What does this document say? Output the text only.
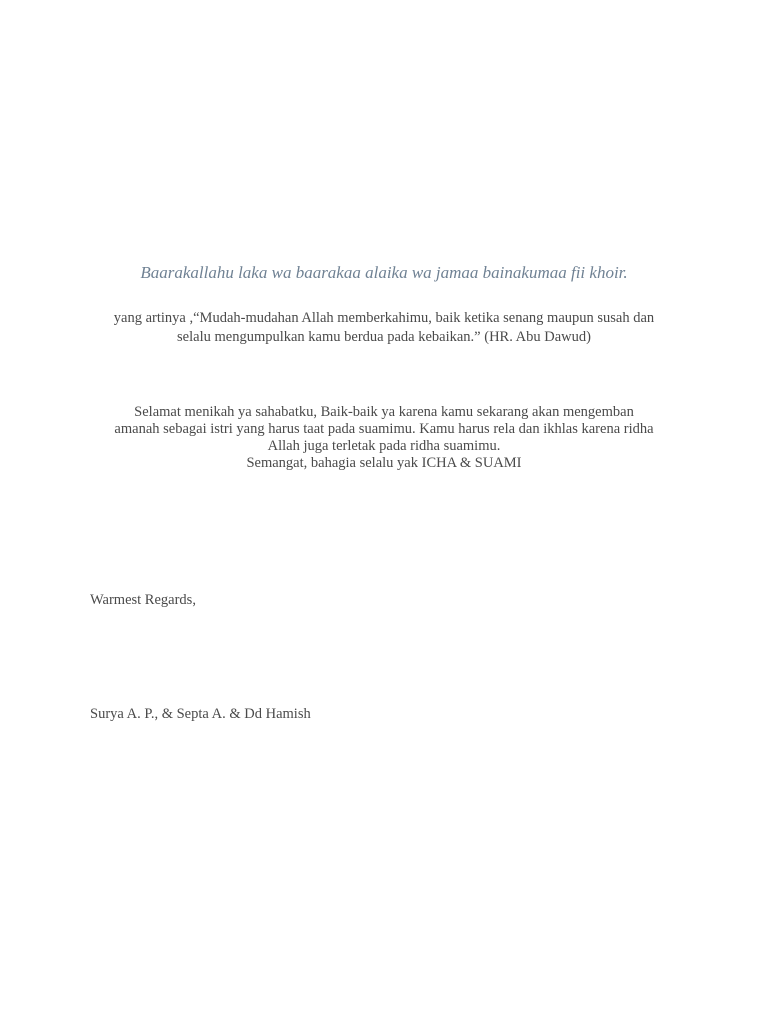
Baarakallahu laka wa baarakaa alaika wa jamaa bainakumaa fii khoir.
yang artinya ,“Mudah-mudahan Allah memberkahimu, baik ketika senang maupun susah dan
selalu mengumpulkan kamu berdua pada kebaikan.” (HR. Abu Dawud)
Selamat menikah ya sahabatku, Baik-baik ya karena kamu sekarang akan mengemban
amanah sebagai istri yang harus taat pada suamimu. Kamu harus rela dan ikhlas karena ridha
Allah juga terletak pada ridha suamimu.
Semangat, bahagia selalu yak ICHA & SUAMI
Warmest Regards,
Surya A. P., & Septa A. & Dd Hamish
